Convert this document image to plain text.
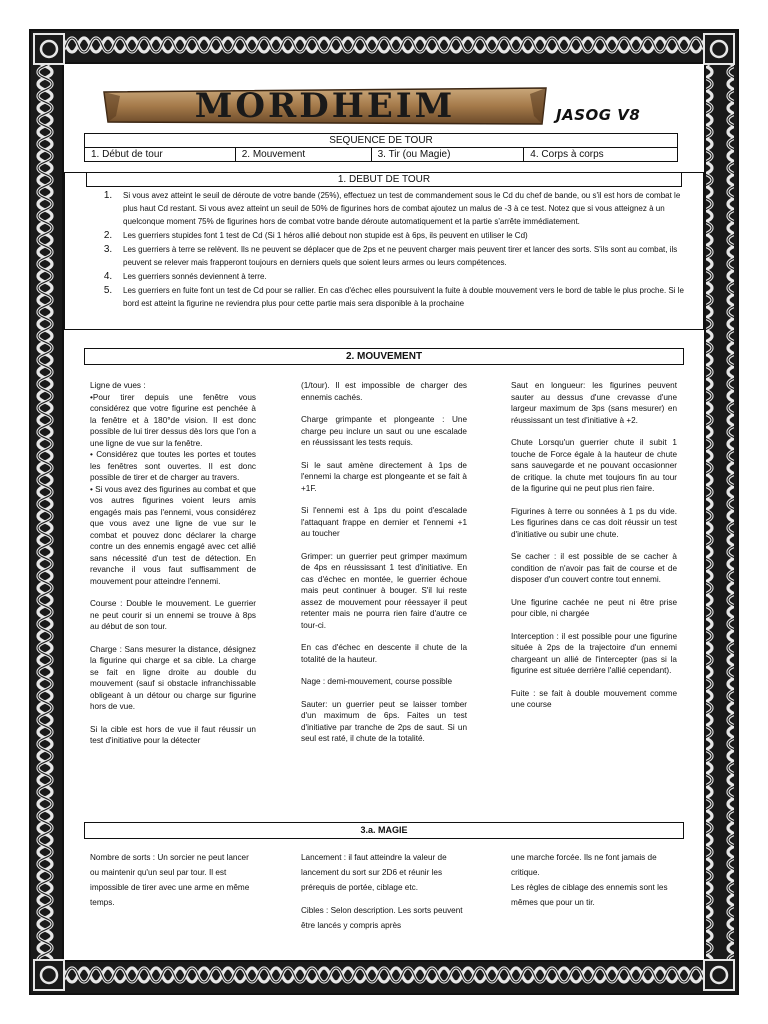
MORDHEIM	JASOG V8
SEQUENCE DE TOUR
1. Début de tour	2. Mouvement	3. Tir (ou Magie)	4. Corps à corps
1. DEBUT DE TOUR
1. Si vous avez atteint le seuil de déroute de votre bande (25%), effectuez un test de commandement sous le Cd du chef de bande, ou s'il est hors de combat le plus haut Cd restant. Si vous avez atteint un seuil de 50% de figurines hors de combat ajoutez un malus de -3 à ce test. Notez que si vous atteignez à un quelconque moment 75% de figurines hors de combat votre bande déroute automatiquement et la partie s'arrête immédiatement.
2. Les guerriers stupides font 1 test de Cd (Si 1 héros allié debout non stupide est à 6ps, ils peuvent en utiliser le Cd)
3. Les guerriers à terre se relèvent. Ils ne peuvent se déplacer que de 2ps et ne peuvent charger mais peuvent tirer et lancer des sorts. S'ils sont au combat, ils peuvent se relever mais frapperont toujours en derniers quels que soient leurs armes ou leurs compétences.
4. Les guerriers sonnés deviennent à terre.
5. Les guerriers en fuite font un test de Cd pour se rallier. En cas d'échec elles poursuivent la fuite à double mouvement vers le bord de table le plus proche. Si le bord est atteint la figurine ne reviendra plus pour cette partie mais sera disponible à la prochaine
2. MOUVEMENT

Ligne de vues :
•Pour tirer depuis une fenêtre vous considérez que votre figurine est penchée à la fenêtre et à 180°de vision. Il est donc possible de lui tirer dessus dès lors que l'on a une ligne de vue sur la fenêtre.
• Considérez que toutes les portes et toutes les fenêtres sont ouvertes. Il est donc possible de tirer et de charger au travers.
• Si vous avez des figurines au combat et que vos autres figurines voient leurs amis engagés mais pas l'ennemi, vous considérez que vous avez une ligne de vue sur le combat et pouvez donc déclarer la charge contre un des ennemis engagé avec cet allié sans nécessité d'un test de détection. En revanche il vous faut suffisamment de mouvement pour atteindre l'ennemi.

Course : Double le mouvement. Le guerrier ne peut courir si un ennemi se trouve à 8ps au début de son tour.

Charge : Sans mesurer la distance, désignez la figurine qui charge et sa cible. La charge se fait en ligne droite au double du mouvement (sauf si obstacle infranchissable obligeant à un détour ou charge sur figurine hors de vue.

Si la cible est hors de vue il faut réussir un test d'initiative pour la détecter

(1/tour). Il est impossible de charger des ennemis cachés.

Charge grimpante et plongeante : Une charge peu inclure un saut ou une escalade en réussissant les tests requis.

Si le saut amène directement à 1ps de l'ennemi la charge est plongeante et se fait à +1F.

Si l'ennemi est à 1ps du point d'escalade l'attaquant frappe en dernier et l'ennemi +1 au toucher

Grimper: un guerrier peut grimper maximum de 4ps en réussissant 1 test d'initiative. En cas d'échec en montée, le guerrier échoue mais peut continuer à bouger. S'il lui reste assez de mouvement pour réessayer il peut retenter mais ne pourra rien faire d'autre ce tour-ci.

En cas d'échec en descente il chute de la totalité de la hauteur.

Nage : demi-mouvement, course possible

Sauter: un guerrier peut se laisser tomber d'un maximum de 6ps. Faites un test d'initiative par tranche de 2ps de saut. Si un seul est raté, il chute de la totalité.

Saut en longueur: les figurines peuvent sauter au dessus d'une crevasse d'une largeur maximum de 3ps (sans mesurer) en réussissant un test d'initiative à +2.

Chute Lorsqu'un guerrier chute il subit 1 touche de Force égale à la hauteur de chute sans sauvegarde et ne pouvant occasionner de critique. la chute met toujours fin au tour de la figurine qui ne peut plus rien faire.

Figurines à terre ou sonnées à 1 ps du vide. Les figurines dans ce cas doit réussir un test d'initiative ou subir une chute.

Se cacher : il est possible de se cacher à condition de n'avoir pas fait de course et de disposer d'un couvert contre tout ennemi.

Une figurine cachée ne peut ni être prise pour cible, ni chargée

Interception : il est possible pour une figurine située à 2ps de la trajectoire d'un ennemi chargeant un allié de l'intercepter (pas si la figurine est située derrière l'allié cependant).

Fuite : se fait à double mouvement comme une course

3.a. MAGIE

Nombre de sorts : Un sorcier ne peut lancer ou maintenir qu'un seul par tour. Il est impossible de tirer avec une arme en même temps.

Lancement : il faut atteindre la valeur de lancement du sort sur 2D6 et réunir les prérequis de portée, ciblage etc.

Cibles : Selon description. Les sorts peuvent être lancés y compris après

une marche forcée. Ils ne font jamais de critique.
Les règles de ciblage des ennemis sont les mêmes que pour un tir.
